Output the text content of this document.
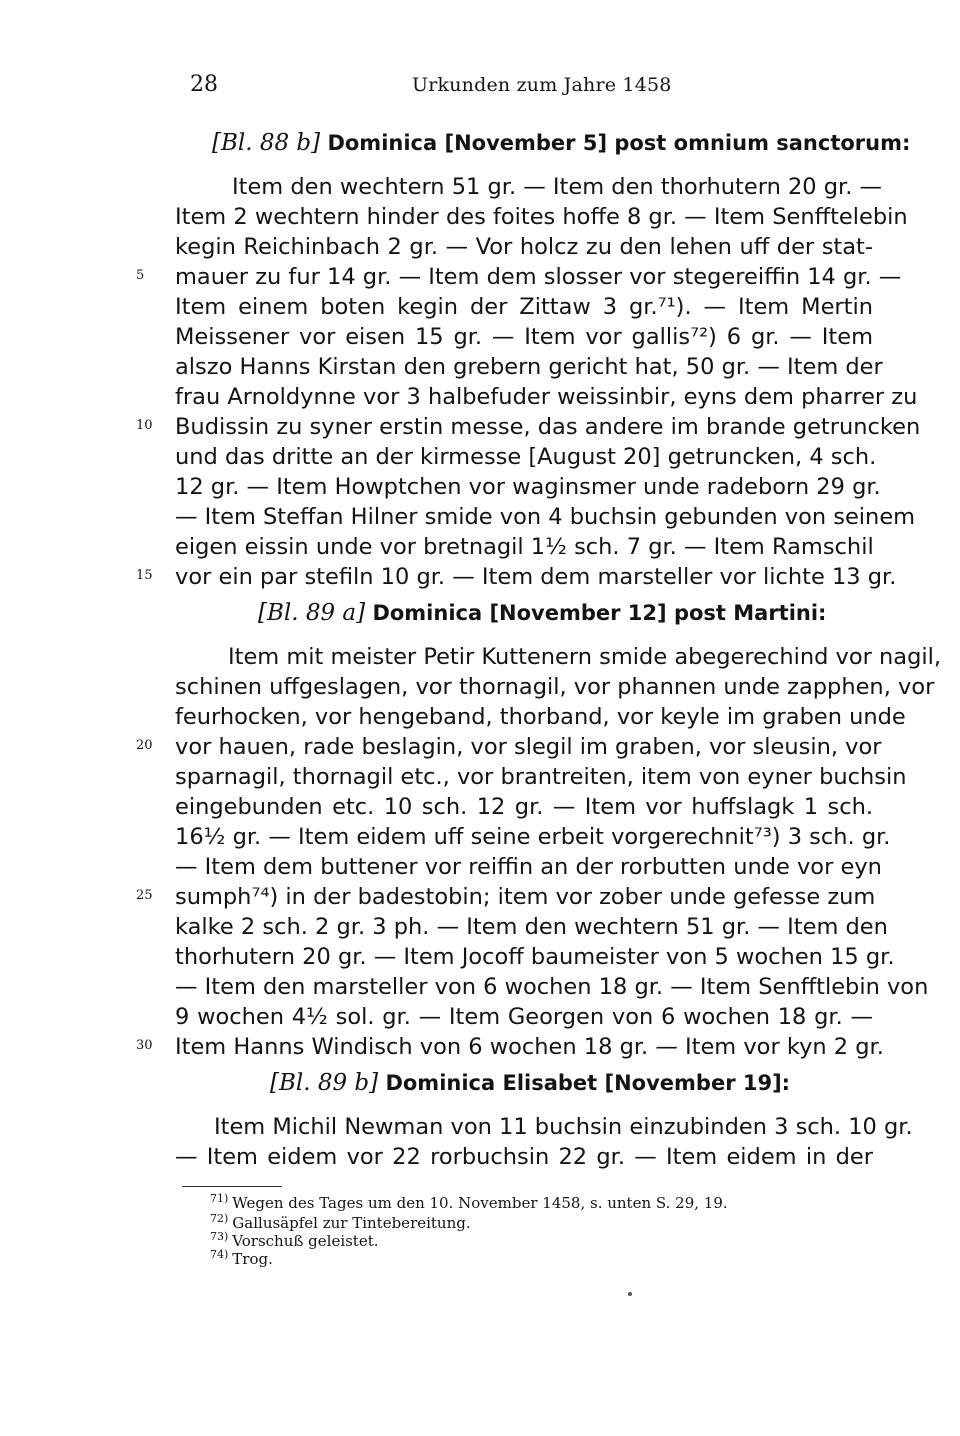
28	Urkunden zum Jahre 1458
[Bl. 88 b] Dominica [November 5] post omnium sanctorum:
Item den wechtern 51 gr. — Item den thorhutern 20 gr. —
Item 2 wechtern hinder des foites hoffe 8 gr. — Item Senfftelebin
kegin Reichinbach 2 gr. — Vor holcz zu den lehen uff der stat-
mauer zu fur 14 gr. — Item dem slosser vor stegereiffin 14 gr. —
Item einem boten kegin der Zittaw 3 gr.⁷¹). — Item Mertin
Meissener vor eisen 15 gr. — Item vor gallis⁷²) 6 gr. — Item
alszo Hanns Kirstan den grebern gericht hat, 50 gr. — Item der
frau Arnoldynne vor 3 halbefuder weissinbir, eyns dem pharrer zu
Budissin zu syner erstin messe, das andere im brande getruncken
und das dritte an der kirmesse [August 20] getruncken, 4 sch.
12 gr. — Item Howptchen vor waginsmer unde radeborn 29 gr.
— Item Steffan Hilner smide von 4 buchsin gebunden von seinem
eigen eissin unde vor bretnagil 1½ sch. 7 gr. — Item Ramschil
vor ein par stefiln 10 gr. — Item dem marsteller vor lichte 13 gr.
[Bl. 89 a] Dominica [November 12] post Martini:
Item mit meister Petir Kuttenern smide abegerechind vor nagil,
schinen uffgeslagen, vor thornagil, vor phannen unde zapphen, vor
feurhocken, vor hengeband, thorband, vor keyle im graben unde
vor hauen, rade beslagin, vor slegil im graben, vor sleusin, vor
sparnagil, thornagil etc., vor brantreiten, item von eyner buchsin
eingebunden etc. 10 sch. 12 gr. — Item vor huffslagk 1 sch.
16½ gr. — Item eidem uff seine erbeit vorgerechnit⁷³) 3 sch. gr.
— Item dem buttener vor reiffin an der rorbutten unde vor eyn
sumph⁷⁴) in der badestobin; item vor zober unde gefesse zum
kalke 2 sch. 2 gr. 3 ph. — Item den wechtern 51 gr. — Item den
thorhutern 20 gr. — Item Jocoff baumeister von 5 wochen 15 gr.
— Item den marsteller von 6 wochen 18 gr. — Item Senfftlebin von
9 wochen 4½ sol. gr. — Item Georgen von 6 wochen 18 gr. —
Item Hanns Windisch von 6 wochen 18 gr. — Item vor kyn 2 gr.
[Bl. 89 b] Dominica Elisabet [November 19]:
Item Michil Newman von 11 buchsin einzubinden 3 sch. 10 gr.
— Item eidem vor 22 rorbuchsin 22 gr. — Item eidem in der
5
10
15
20
25
30
$^{71)}$ Wegen des Tages um den 10. November 1458, s. unten S. 29, 19.
$^{72)}$ Gallusäpfel zur Tintebereitung.
$^{73)}$ Vorschuß geleistet.
$^{74)}$ Trog.
